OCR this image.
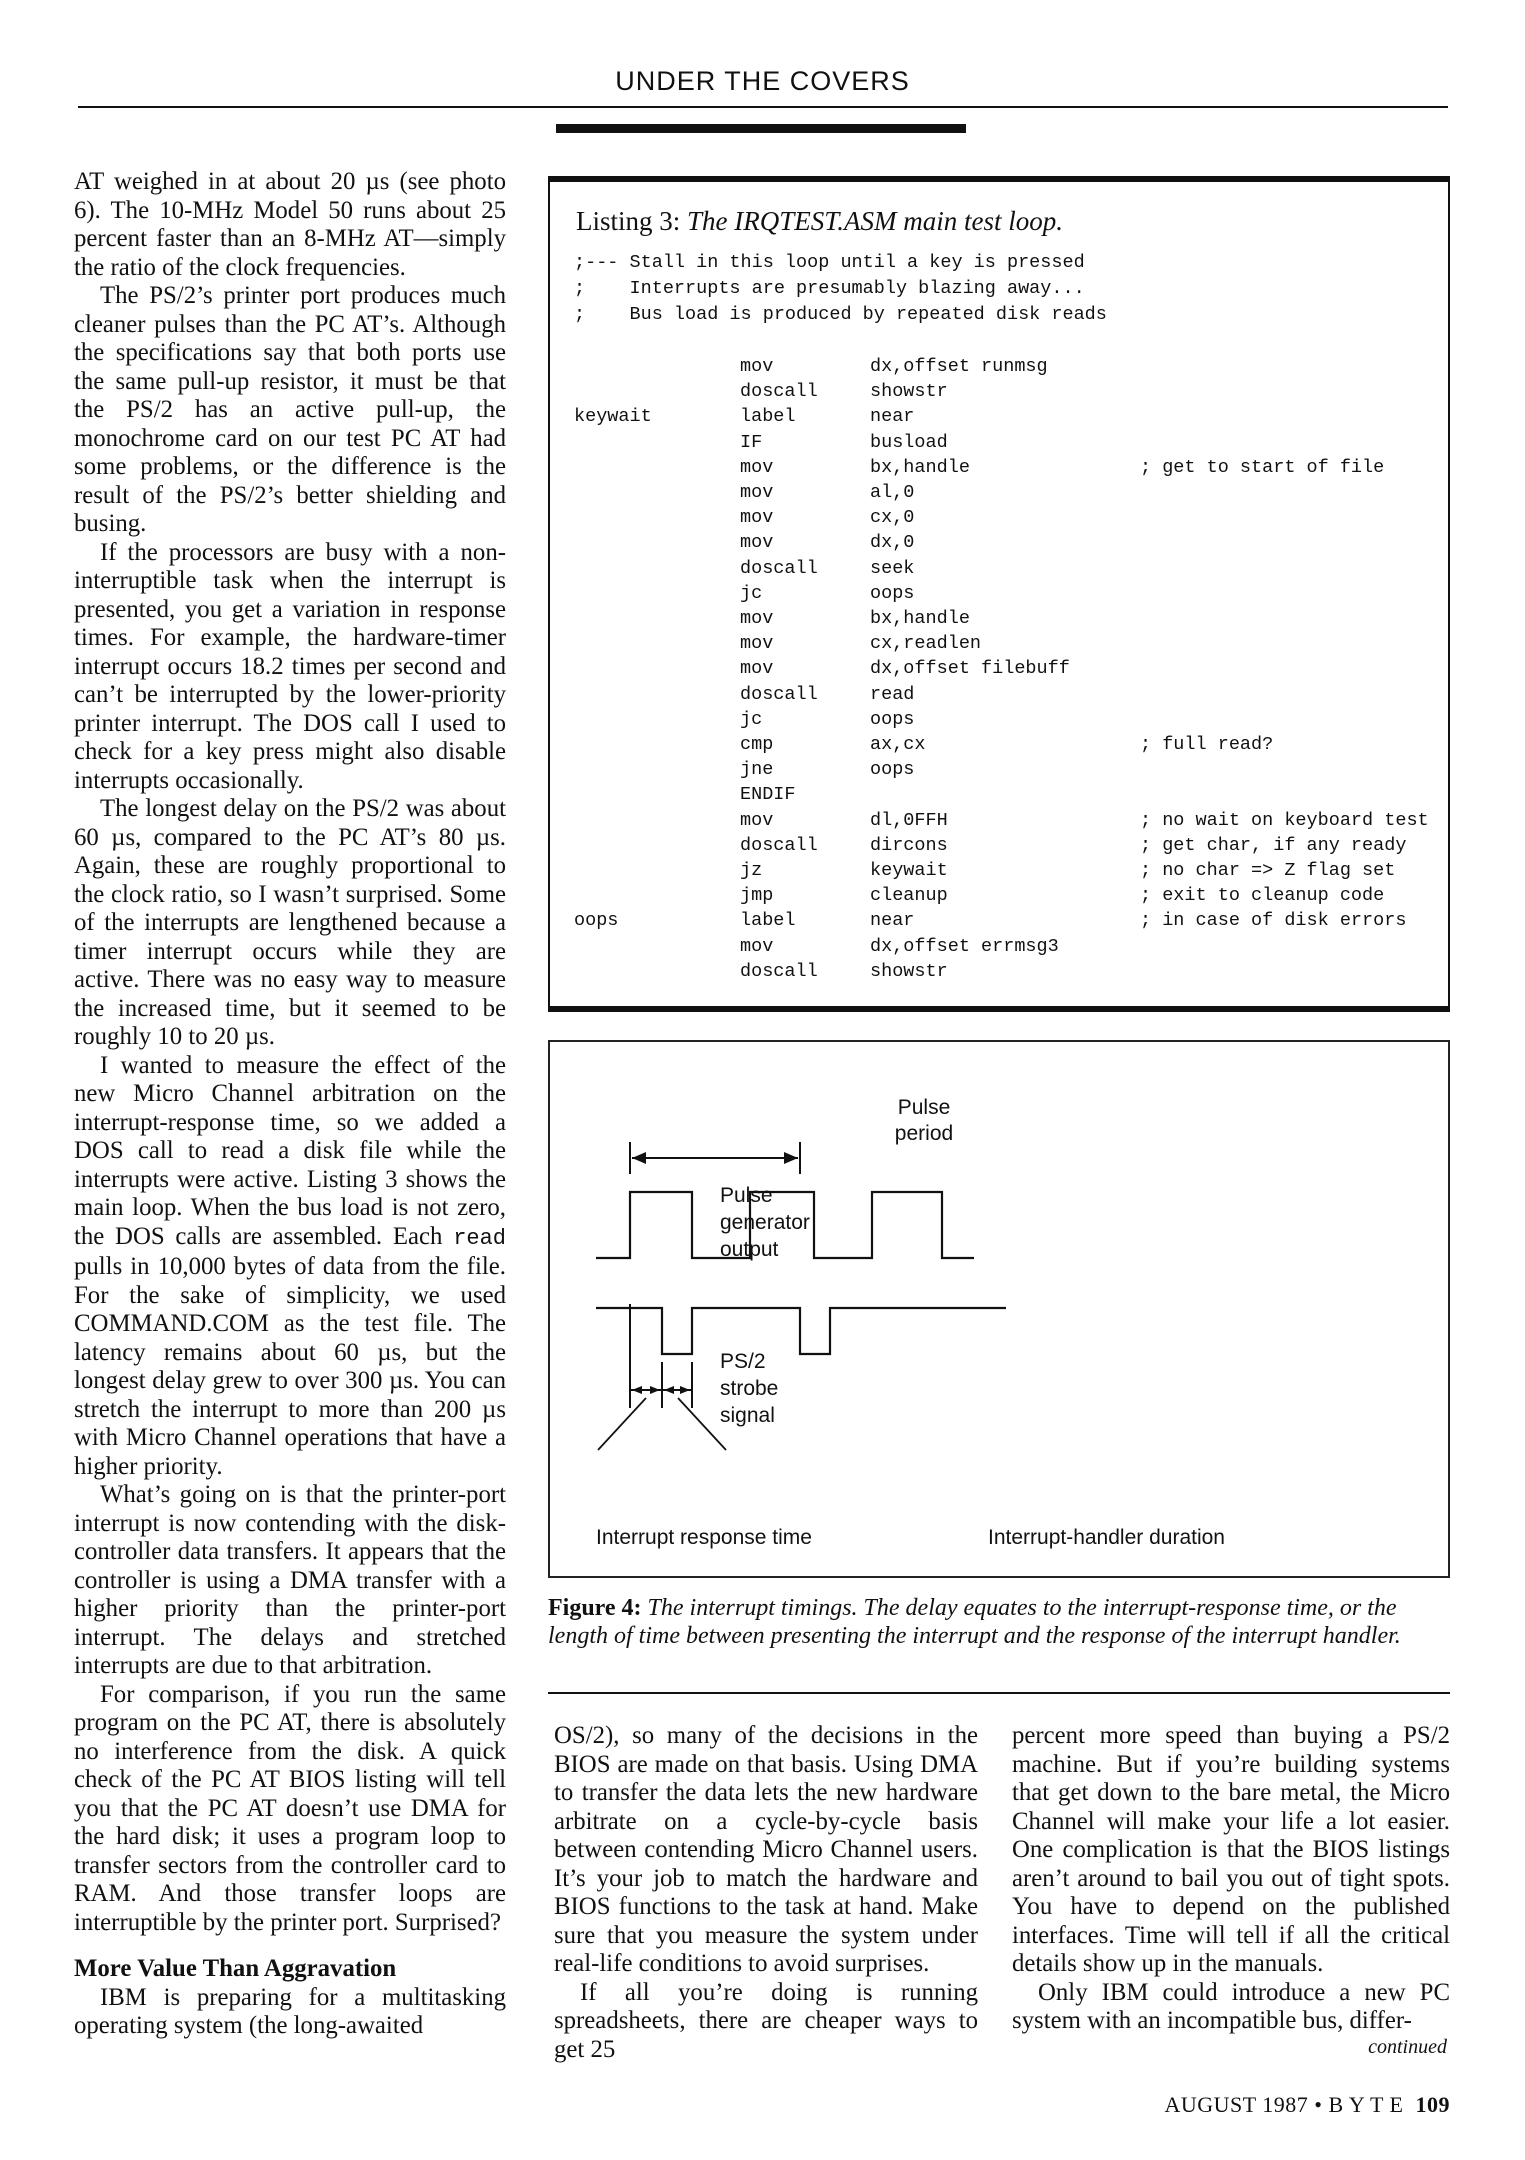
UNDER THE COVERS

AT weighed in at about 20 µs (see photo 6). The 10-MHz Model 50 runs about 25 percent faster than an 8-MHz AT—simply the ratio of the clock frequencies.

The PS/2’s printer port produces much cleaner pulses than the PC AT’s. Although the specifications say that both ports use the same pull-up resistor, it must be that the PS/2 has an active pull-up, the monochrome card on our test PC AT had some problems, or the difference is the result of the PS/2’s better shielding and busing.

If the processors are busy with a non-interruptible task when the interrupt is presented, you get a variation in response times. For example, the hardware-timer interrupt occurs 18.2 times per second and can’t be interrupted by the lower-priority printer interrupt. The DOS call I used to check for a key press might also disable interrupts occasionally.

The longest delay on the PS/2 was about 60 µs, compared to the PC AT’s 80 µs. Again, these are roughly proportional to the clock ratio, so I wasn’t surprised. Some of the interrupts are lengthened because a timer interrupt occurs while they are active. There was no easy way to measure the increased time, but it seemed to be roughly 10 to 20 µs.

I wanted to measure the effect of the new Micro Channel arbitration on the interrupt-response time, so we added a DOS call to read a disk file while the interrupts were active. Listing 3 shows the main loop. When the bus load is not zero, the DOS calls are assembled. Each read pulls in 10,000 bytes of data from the file. For the sake of simplicity, we used COMMAND.COM as the test file. The latency remains about 60 µs, but the longest delay grew to over 300 µs. You can stretch the interrupt to more than 200 µs with Micro Channel operations that have a higher priority.

What’s going on is that the printer-port interrupt is now contending with the disk-controller data transfers. It appears that the controller is using a DMA transfer with a higher priority than the printer-port interrupt. The delays and stretched interrupts are due to that arbitration.

For comparison, if you run the same program on the PC AT, there is absolutely no interference from the disk. A quick check of the PC AT BIOS listing will tell you that the PC AT doesn’t use DMA for the hard disk; it uses a program loop to transfer sectors from the controller card to RAM. And those transfer loops are interruptible by the printer port. Surprised?

More Value Than Aggravation

IBM is preparing for a multitasking operating system (the long-awaited

Listing 3: The IRQTEST.ASM main test loop.
;--- Stall in this loop until a key is pressed
;    Interrupts are presumably blazing away...
;    Bus load is produced by repeated disk reads
mov	dx,offset runmsg
doscall	showstr
keywait	label	near
IF	busload
mov	bx,handle	; get to start of file
mov	al,0
mov	cx,0
mov	dx,0
doscall	seek
jc	oops
mov	bx,handle
mov	cx,readlen
mov	dx,offset filebuff
doscall	read
jc	oops
cmp	ax,cx	; full read?
jne	oops
ENDIF
mov	dl,0FFH	; no wait on keyboard test
doscall	dircons	; get char, if any ready
jz	keywait	; no char => Z flag set
jmp	cleanup	; exit to cleanup code
oops	label	near	; in case of disk errors
mov	dx,offset errmsg3
doscall	showstr
Pulse
period
Pulse
generator
output
PS/2
strobe
signal
Interrupt response time	Interrupt-handler duration
Figure 4: The interrupt timings. The delay equates to the interrupt-response time, or the length of time between presenting the interrupt and the response of the interrupt handler.

OS/2), so many of the decisions in the BIOS are made on that basis. Using DMA to transfer the data lets the new hardware arbitrate on a cycle-by-cycle basis between contending Micro Channel users. It’s your job to match the hardware and BIOS functions to the task at hand. Make sure that you measure the system under real-life conditions to avoid surprises.

If all you’re doing is running spreadsheets, there are cheaper ways to get 25

percent more speed than buying a PS/2 machine. But if you’re building systems that get down to the bare metal, the Micro Channel will make your life a lot easier. One complication is that the BIOS listings aren’t around to bail you out of tight spots. You have to depend on the published interfaces. Time will tell if all the critical details show up in the manuals.

Only IBM could introduce a new PC system with an incompatible bus, differ-

continued
AUGUST 1987 • B Y T E 109
